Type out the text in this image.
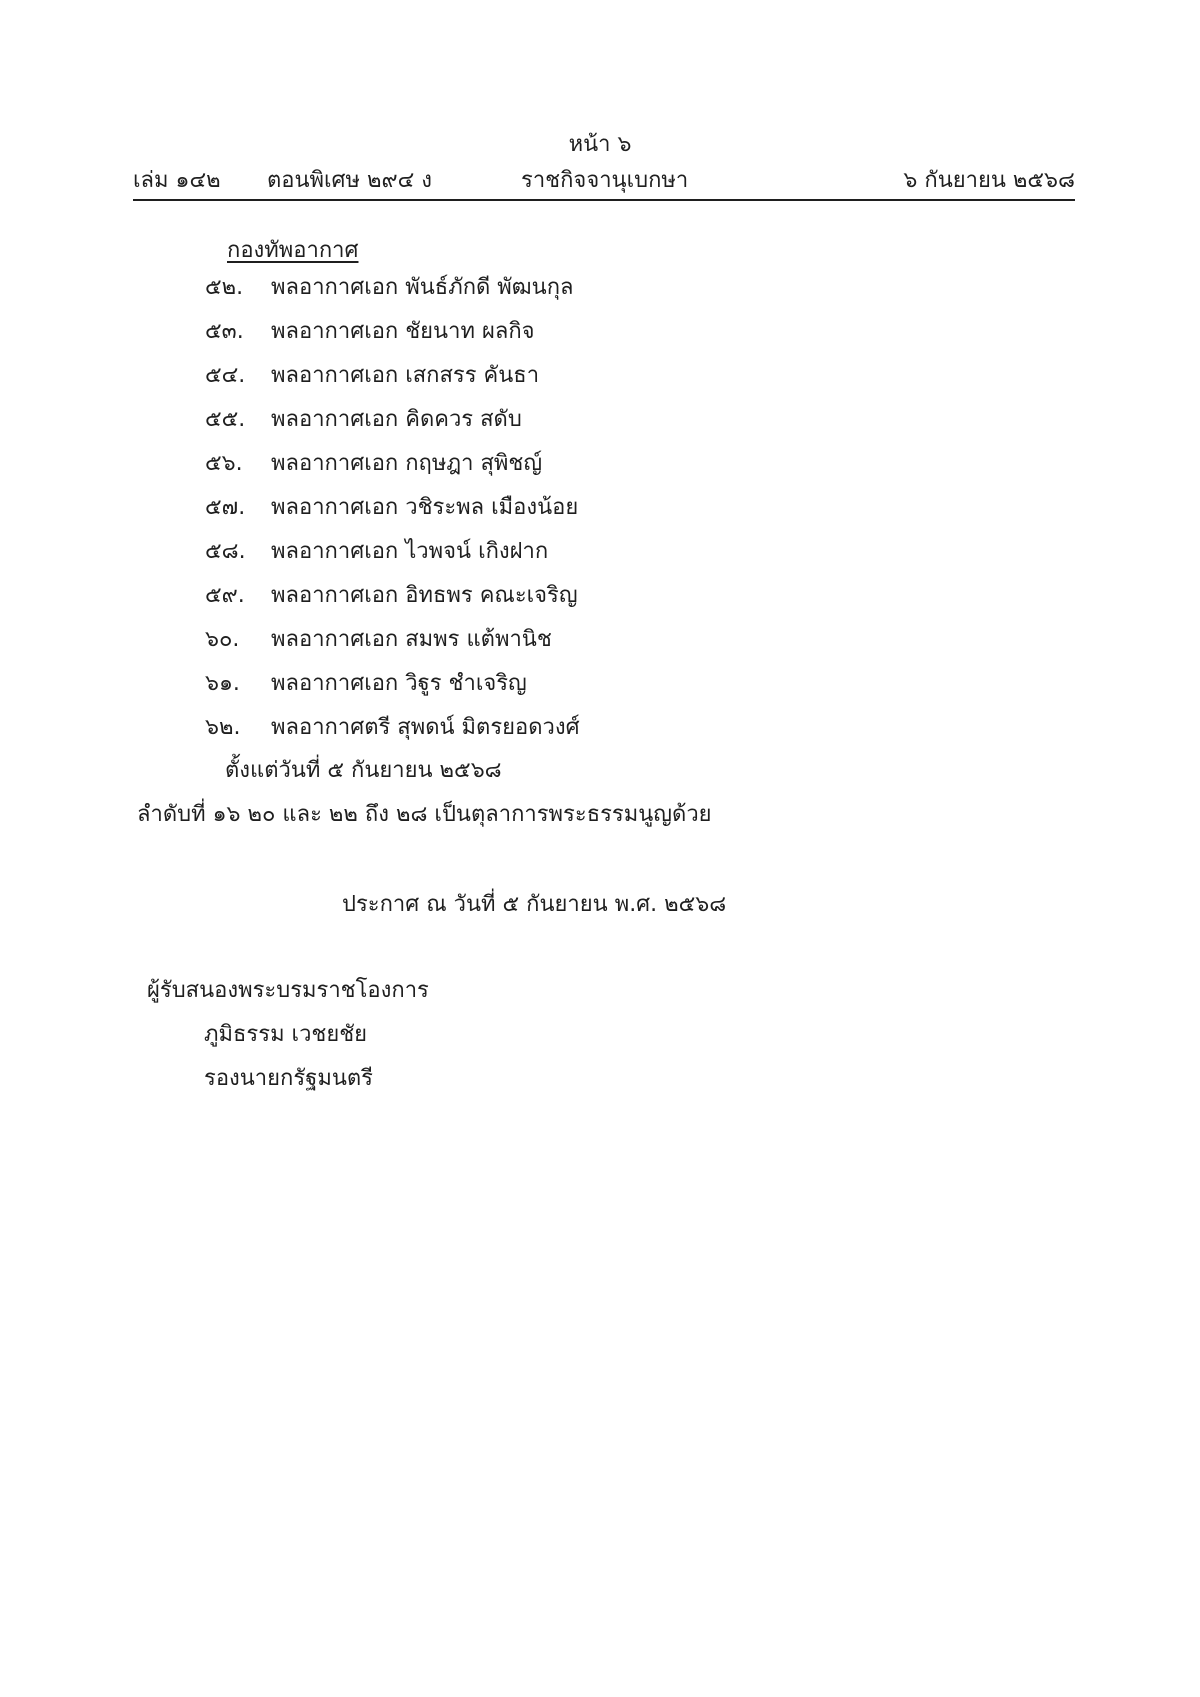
หน้า ๖
เล่ม ๑๔๒ ตอนพิเศษ ๒๙๔ ง	ราชกิจจานุเบกษา	๖ กันยายน ๒๕๖๘
กองทัพอากาศ
๕๒. พลอากาศเอก พันธ์ภักดี พัฒนกุล
๕๓. พลอากาศเอก ชัยนาท ผลกิจ
๕๔. พลอากาศเอก เสกสรร คันธา
๕๕. พลอากาศเอก คิดควร สดับ
๕๖. พลอากาศเอก กฤษฎา สุพิชญ์
๕๗. พลอากาศเอก วชิระพล เมืองน้อย
๕๘. พลอากาศเอก ไวพจน์ เกิงฝาก
๕๙. พลอากาศเอก อิทธพร คณะเจริญ
๖๐. พลอากาศเอก สมพร แต้พานิช
๖๑. พลอากาศเอก วิฐูร ชำเจริญ
๖๒. พลอากาศตรี สุพดน์ มิตรยอดวงศ์
ตั้งแต่วันที่ ๕ กันยายน ๒๕๖๘
ลำดับที่ ๑๖ ๒๐ และ ๒๒ ถึง ๒๘ เป็นตุลาการพระธรรมนูญด้วย
ประกาศ ณ วันที่ ๕ กันยายน พ.ศ. ๒๕๖๘
ผู้รับสนองพระบรมราชโองการ
ภูมิธรรม เวชยชัย
รองนายกรัฐมนตรี
